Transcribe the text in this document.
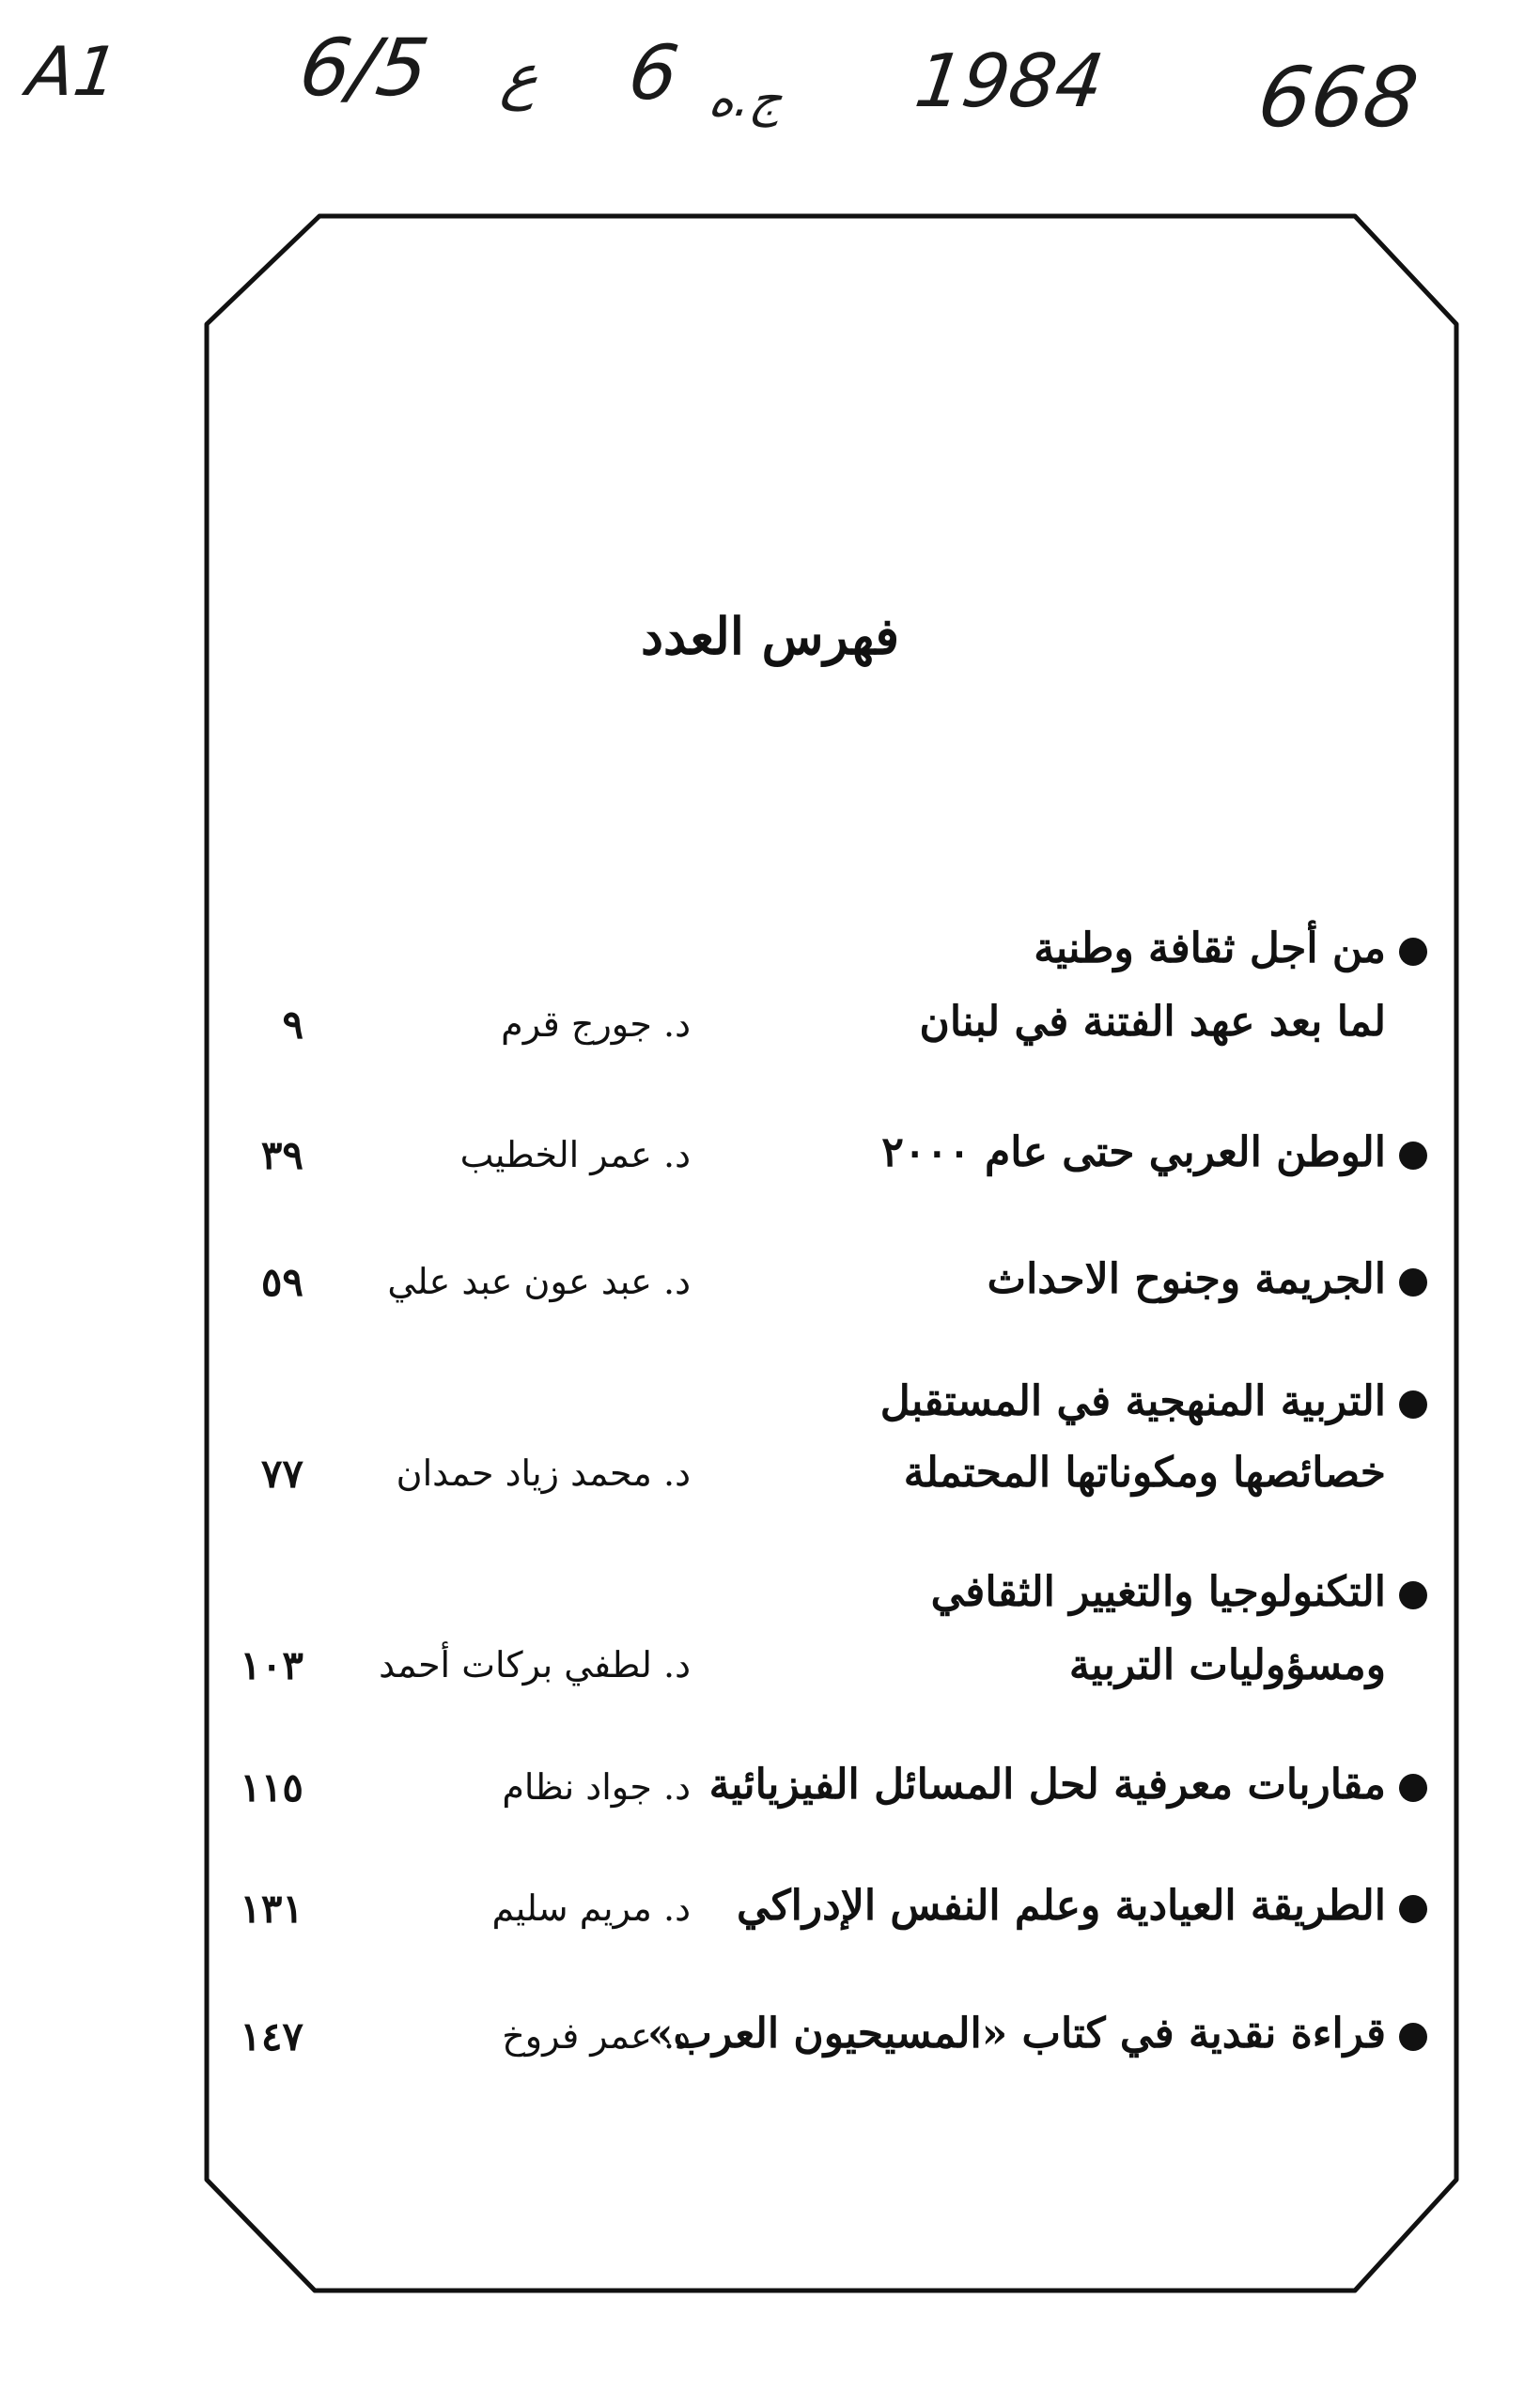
A1 6/5 ع 6 ج.ه 1984 668
فهرس العدد
من أجل ثقافة وطنية
لما بعد عهد الفتنة في لبنان
د. جورج قرم
٩
الوطن العربي حتى عام ٢٠٠٠
د. عمر الخطيب
٣٩
الجريمة وجنوح الاحداث
د. عبد عون عبد علي
٥٩
التربية المنهجية في المستقبل
خصائصها ومكوناتها المحتملة
د. محمد زياد حمدان
٧٧
التكنولوجيا والتغيير الثقافي
ومسؤوليات التربية
د. لطفي بركات أحمد
١٠٣
مقاربات معرفية لحل المسائل الفيزيائية
د. جواد نظام
١١٥
الطريقة العيادية وعلم النفس الإدراكي
د. مريم سليم
١٣١
قراءة نقدية في كتاب «المسيحيون العرب»
د. عمر فروخ
١٤٧
